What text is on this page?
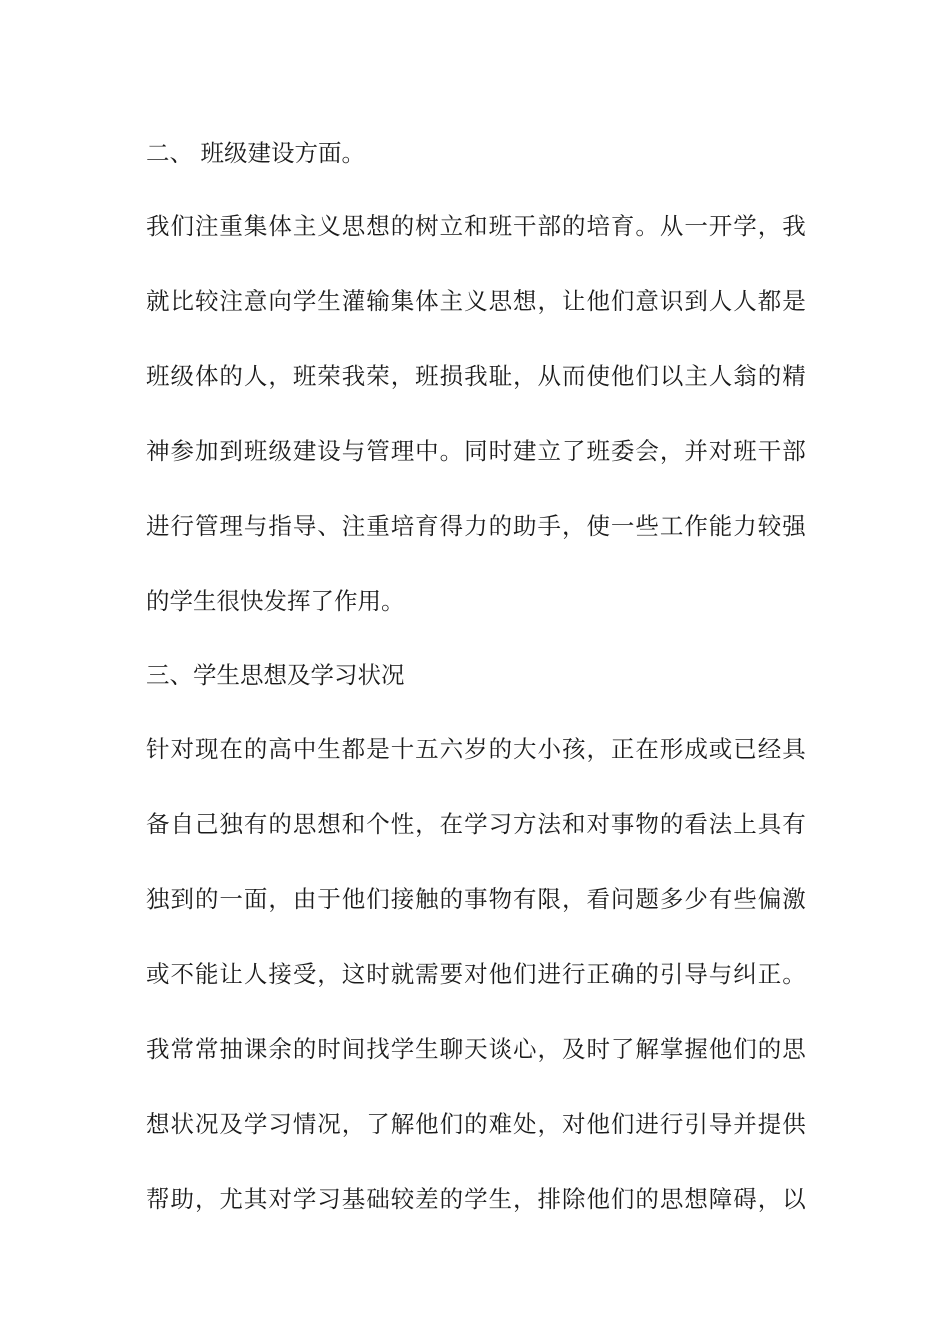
二、 班级建设方面。
我 们 注 重 集 体 主 义 思 想 的 树 立 和 班 干 部 的 培 育 。 从 一 开 学 ， 我
就 比 较 注 意 向 学 生 灌 输 集 体 主 义 思 想 ， 让 他 们 意 识 到 人 人 都 是
班 级 体 的 人 ， 班 荣 我 荣 ， 班 损 我 耻 ， 从 而 使 他 们 以 主 人 翁 的 精
神 参 加 到 班 级 建 设 与 管 理 中 。 同 时 建 立 了 班 委 会 ， 并 对 班 干 部
进 行 管 理 与 指 导 、 注 重 培 育 得 力 的 助 手 ， 使 一 些 工 作 能 力 较 强
的学生很快发挥了作用。
三、学生思想及学习状况
针 对 现 在 的 高 中 生 都 是 十 五 六 岁 的 大 小 孩 ， 正 在 形 成 或 已 经 具
备 自 己 独 有 的 思 想 和 个 性 ， 在 学 习 方 法 和 对 事 物 的 看 法 上 具 有
独 到 的 一 面 ， 由 于 他 们 接 触 的 事 物 有 限 ， 看 问 题 多 少 有 些 偏 激
或 不 能 让 人 接 受 ， 这 时 就 需 要 对 他 们 进 行 正 确 的 引 导 与 纠 正 。
我 常 常 抽 课 余 的 时 间 找 学 生 聊 天 谈 心 ， 及 时 了 解 掌 握 他 们 的 思
想 状 况 及 学 习 情 况 ， 了 解 他 们 的 难 处 ， 对 他 们 进 行 引 导 并 提 供
帮 助 ， 尤 其 对 学 习 基 础 较 差 的 学 生 ， 排 除 他 们 的 思 想 障 碍 ， 以
